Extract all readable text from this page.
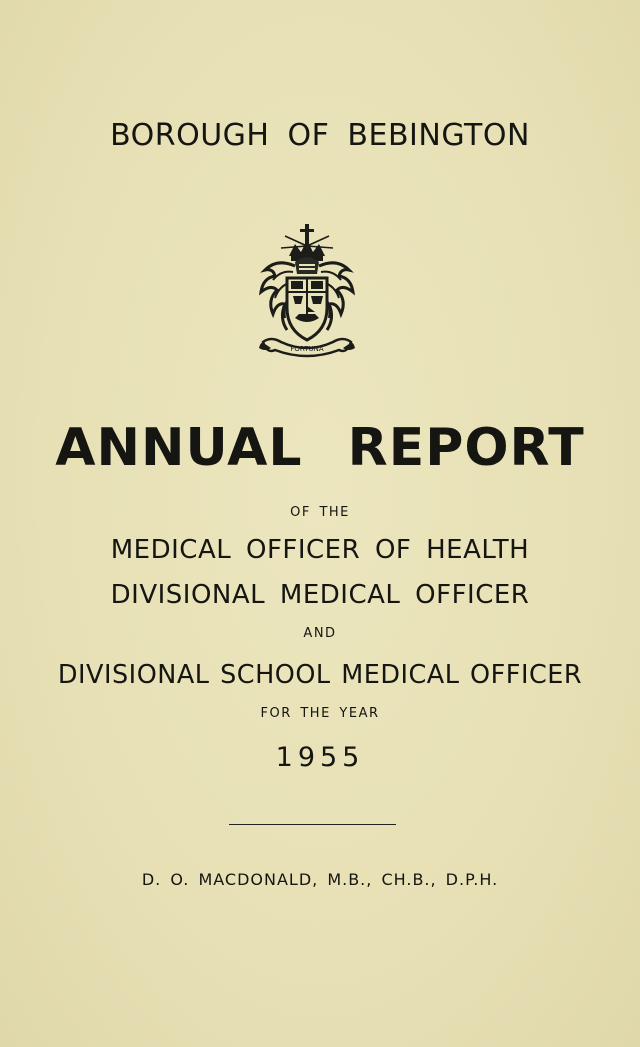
BOROUGH OF BEBINGTON
FORTUNA
ANNUAL REPORT
OF THE
MEDICAL OFFICER OF HEALTH
DIVISIONAL MEDICAL OFFICER
AND
DIVISIONAL SCHOOL MEDICAL OFFICER
FOR THE YEAR
1955
D. O. MACDONALD, M.B., CH.B., D.P.H.
